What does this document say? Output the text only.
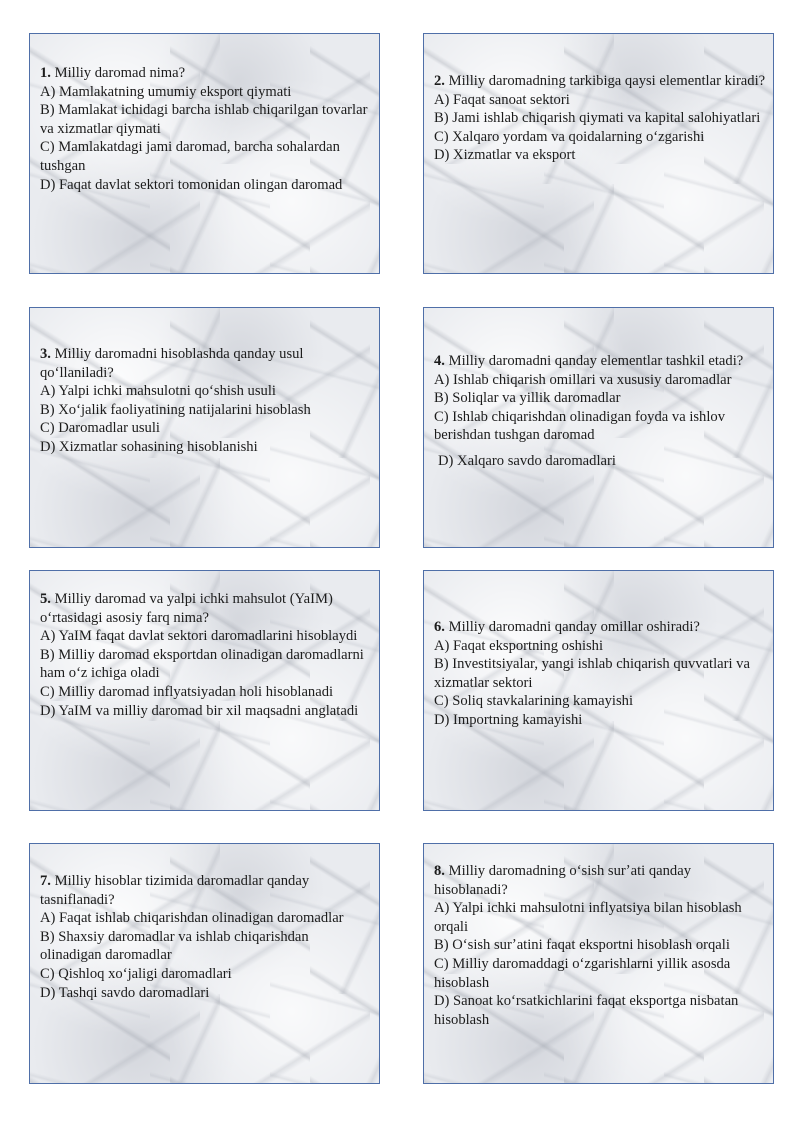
1. Milliy daromad nima?
A) Mamlakatning umumiy eksport qiymati
B) Mamlakat ichidagi barcha ishlab chiqarilgan tovarlar va xizmatlar qiymati
C) Mamlakatdagi jami daromad, barcha sohalardan tushgan
D) Faqat davlat sektori tomonidan olingan daromad
2. Milliy daromadning tarkibiga qaysi elementlar kiradi?
A) Faqat sanoat sektori
B) Jami ishlab chiqarish qiymati va kapital salohiyatlari
C) Xalqaro yordam va qoidalarning oʻzgarishi
D) Xizmatlar va eksport
3. Milliy daromadni hisoblashda qanday usul qoʻllaniladi?
A) Yalpi ichki mahsulotni qoʻshish usuli
B) Xoʻjalik faoliyatining natijalarini hisoblash
C) Daromadlar usuli
D) Xizmatlar sohasining hisoblanishi
4. Milliy daromadni qanday elementlar tashkil etadi?
A) Ishlab chiqarish omillari va xususiy daromadlar
B) Soliqlar va yillik daromadlar
C) Ishlab chiqarishdan olinadigan foyda va ishlov berishdan tushgan daromad
D) Xalqaro savdo daromadlari
5. Milliy daromad va yalpi ichki mahsulot (YaIM) oʻrtasidagi asosiy farq nima?
A) YaIM faqat davlat sektori daromadlarini hisoblaydi
B) Milliy daromad eksportdan olinadigan daromadlarni ham oʻz ichiga oladi
C) Milliy daromad inflyatsiyadan holi hisoblanadi
D) YaIM va milliy daromad bir xil maqsadni anglatadi
6. Milliy daromadni qanday omillar oshiradi?
A) Faqat eksportning oshishi
B) Investitsiyalar, yangi ishlab chiqarish quvvatlari va xizmatlar sektori
C) Soliq stavkalarining kamayishi
D) Importning kamayishi
7. Milliy hisoblar tizimida daromadlar qanday tasniflanadi?
A) Faqat ishlab chiqarishdan olinadigan daromadlar
B) Shaxsiy daromadlar va ishlab chiqarishdan olinadigan daromadlar
C) Qishloq xoʻjaligi daromadlari
D) Tashqi savdo daromadlari
8. Milliy daromadning oʻsish surʼati qanday hisoblanadi?
A) Yalpi ichki mahsulotni inflyatsiya bilan hisoblash orqali
B) Oʻsish surʼatini faqat eksportni hisoblash orqali
C) Milliy daromaddagi oʻzgarishlarni yillik asosda hisoblash
D) Sanoat koʻrsatkichlarini faqat eksportga nisbatan hisoblash
